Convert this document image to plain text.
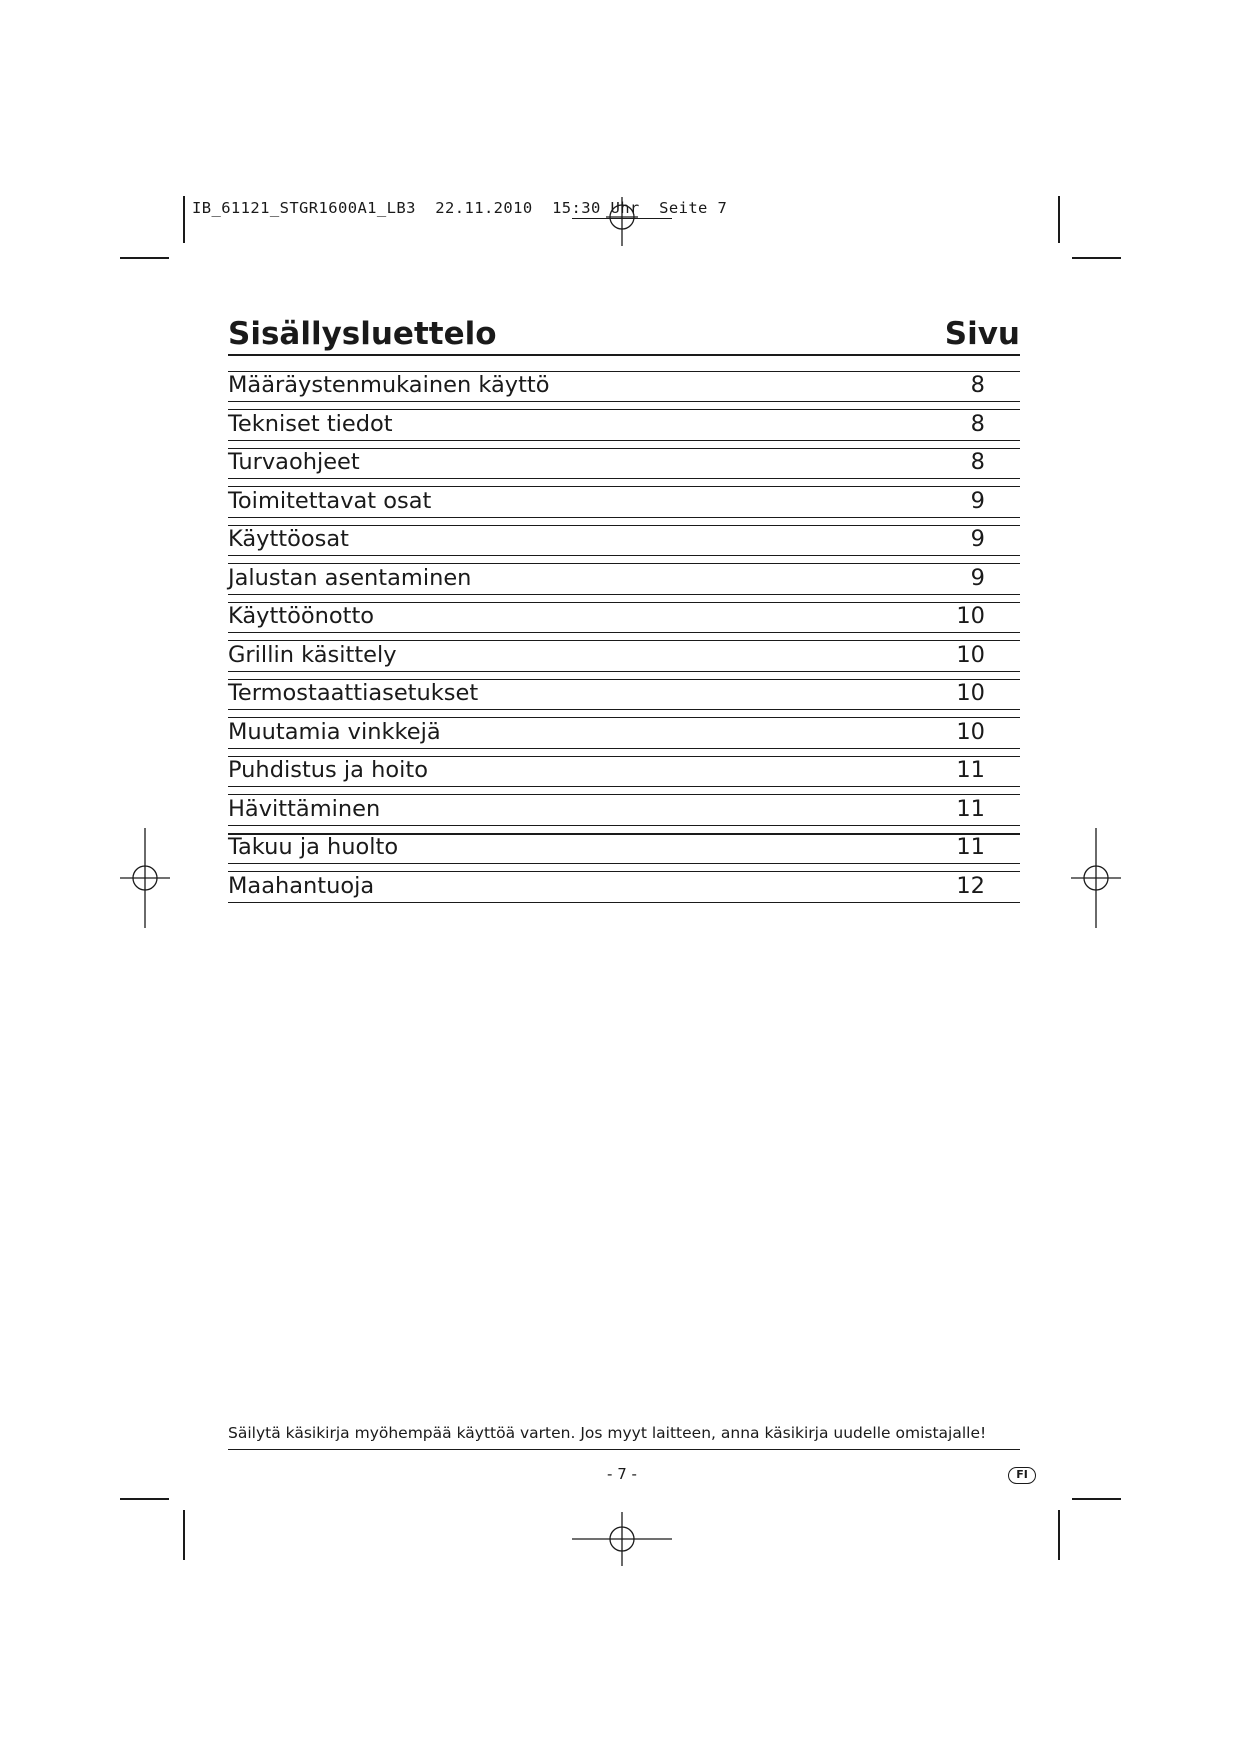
IB_61121_STGR1600A1_LB3  22.11.2010  15:30 Uhr  Seite 7
Sisällysluettelo	Sivu
Määräystenmukainen käyttö	8
Tekniset tiedot	8
Turvaohjeet	8
Toimitettavat osat	9
Käyttöosat	9
Jalustan asentaminen	9
Käyttöönotto	10
Grillin käsittely	10
Termostaattiasetukset	10
Muutamia vinkkejä	10
Puhdistus ja hoito	11
Hävittäminen	11
Takuu ja huolto	11
Maahantuoja	12
Säilytä käsikirja myöhempää käyttöä varten. Jos myyt laitteen, anna käsikirja uudelle omistajalle!
- 7 -	FI
